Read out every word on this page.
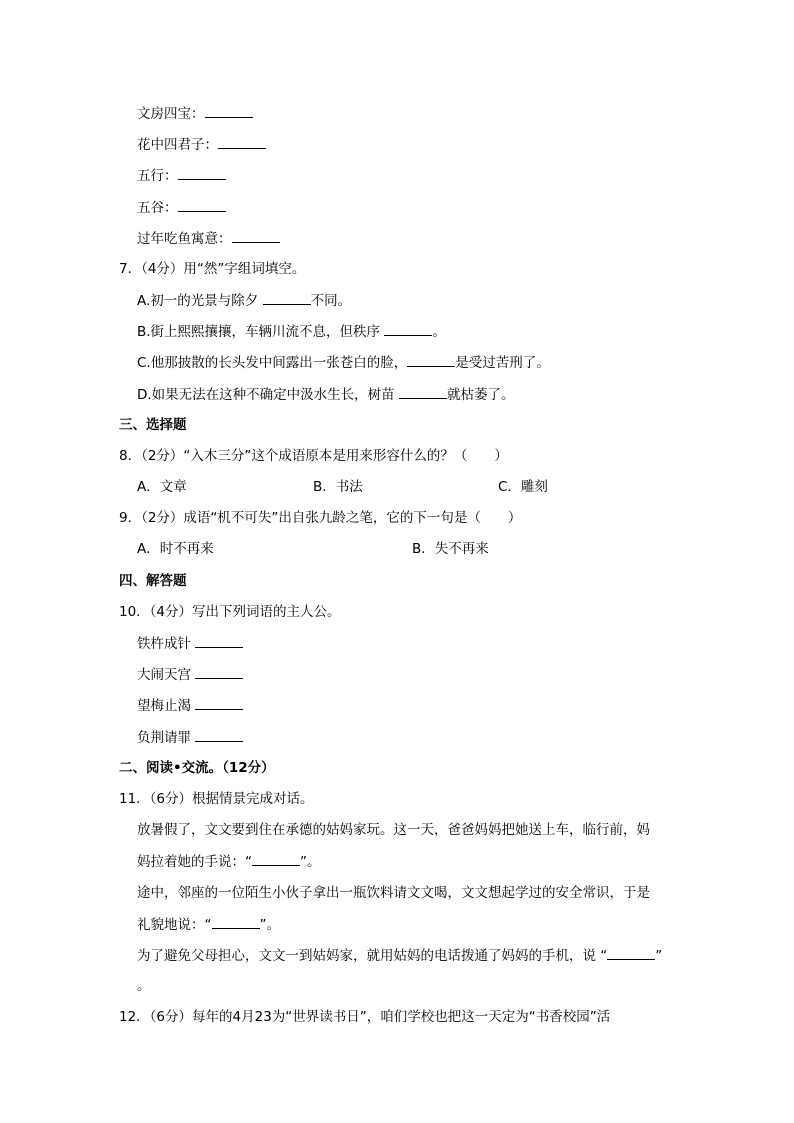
文房四宝：
花中四君子：
五行：
五谷：
过年吃鱼寓意：
7．（4分）用“然”字组词填空。
A.初一的光景与除夕	不同。
B.街上熙熙攘攘，车辆川流不息，但秩序	。
C.他那披散的长头发中间露出一张苍白的脸，	是受过苦刑了。
D.如果无法在这种不确定中汲水生长，树苗	就枯萎了。
三、选择题
8．（2分）“入木三分”这个成语原本是用来形容什么的？（　　）
A．文章	B．书法	C．雕刻
9．（2分）成语“机不可失”出自张九龄之笔，它的下一句是（　　）
A．时不再来	B．失不再来
四、解答题
10．（4分）写出下列词语的主人公。
铁杵成针
大闹天宫
望梅止渴
负荆请罪
二、阅读•交流。（12分）
11．（6分）根据情景完成对话。
放暑假了，文文要到住在承德的姑妈家玩。这一天，爸爸妈妈把她送上车，临行前，妈
妈拉着她的手说：“	”。
途中，邻座的一位陌生小伙子拿出一瓶饮料请文文喝，文文想起学过的安全常识，于是
礼貌地说：“	”。
为了避免父母担心，文文一到姑妈家，就用姑妈的电话拨通了妈妈的手机，说 “	”
。
12．（6分）每年的4月23为“世界读书日”，咱们学校也把这一天定为“书香校园”活
